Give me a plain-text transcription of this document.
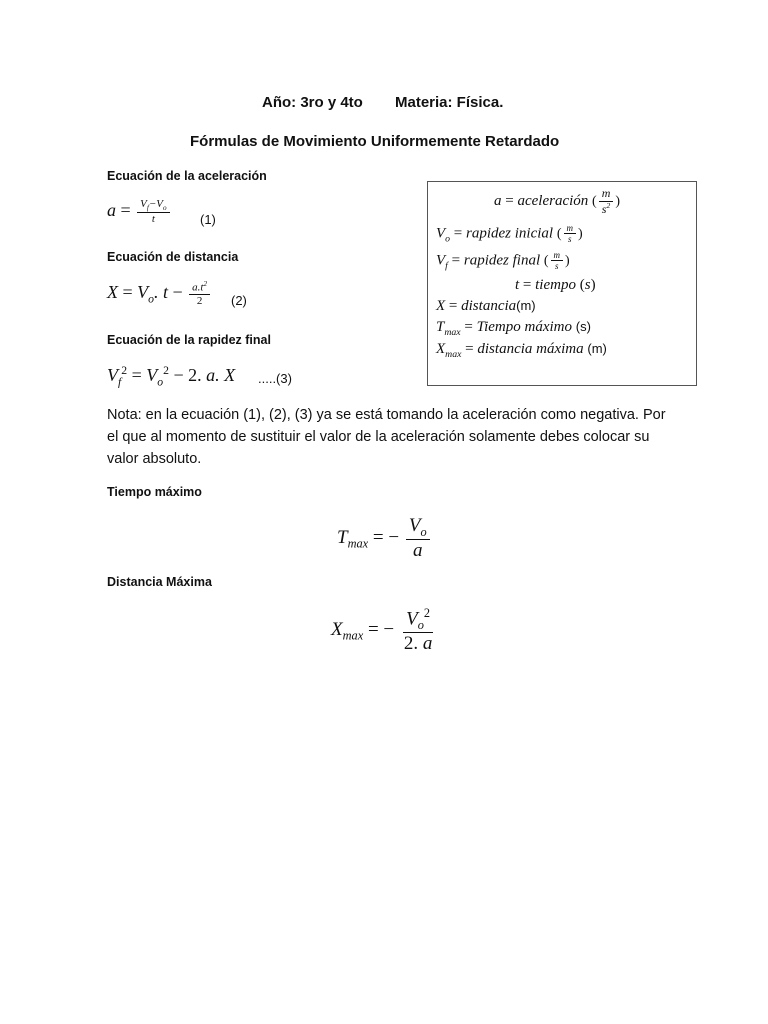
Año: 3ro y 4to Materia: Física.
Fórmulas de Movimiento Uniformemente Retardado
Ecuación de la aceleración
$a = \frac{V_f-V_o}{t} (1)$
Ecuación de distancia
$X = V_o$. $t - \frac{a.t^2}{2} (2)$
Ecuación de la rapidez final
$V_f^2 = V_o^2 - 2$. a. X .....(3)
a = aceleración ( $\frac{m}{s^2}$ )
$V_o$ = rapidez inicial ( $\frac{m}{s}$ )
$V_f$ = rapidez final ( $\frac{m}{s}$ )
t = tiempo (s)
X = distancia(m)
$T_{max}$ = Tiempo máximo (s)
$X_{max}$ = distancia máxima (m)
Nota: en la ecuación (1), (2), (3) ya se está tomando la aceleración como negativa. Por el que al momento de sustituir el valor de la aceleración solamente debes colocar su valor absoluto.
Tiempo máximo
$T_{max}$ = − $\frac{V_o}{a}$
Distancia Máxima
$X_{max}$ = − $\frac{V_o^2}{2. a}$
